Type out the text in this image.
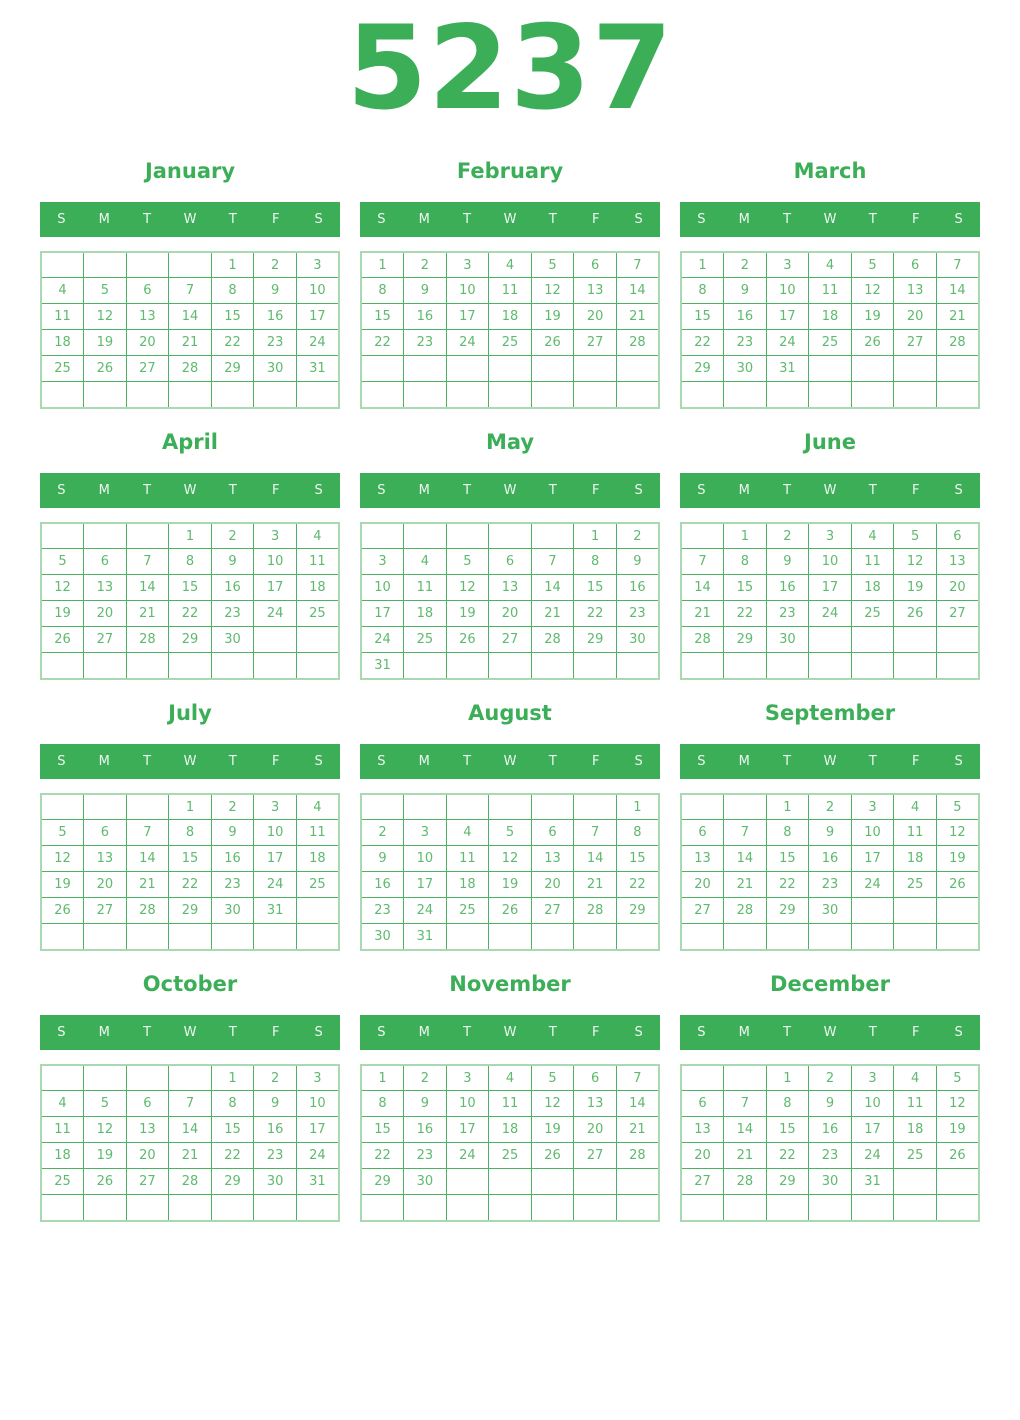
5237
January
S	M	T	W	T	F	S
				1	2	3
4	5	6	7	8	9	10
11	12	13	14	15	16	17
18	19	20	21	22	23	24
25	26	27	28	29	30	31

February
S	M	T	W	T	F	S
1	2	3	4	5	6	7
8	9	10	11	12	13	14
15	16	17	18	19	20	21
22	23	24	25	26	27	28

March
S	M	T	W	T	F	S
1	2	3	4	5	6	7
8	9	10	11	12	13	14
15	16	17	18	19	20	21
22	23	24	25	26	27	28
29	30	31				

April
S	M	T	W	T	F	S
			1	2	3	4
5	6	7	8	9	10	11
12	13	14	15	16	17	18
19	20	21	22	23	24	25
26	27	28	29	30		

May
S	M	T	W	T	F	S
					1	2
3	4	5	6	7	8	9
10	11	12	13	14	15	16
17	18	19	20	21	22	23
24	25	26	27	28	29	30
31						
June
S	M	T	W	T	F	S
	1	2	3	4	5	6
7	8	9	10	11	12	13
14	15	16	17	18	19	20
21	22	23	24	25	26	27
28	29	30				

July
S	M	T	W	T	F	S
			1	2	3	4
5	6	7	8	9	10	11
12	13	14	15	16	17	18
19	20	21	22	23	24	25
26	27	28	29	30	31	

August
S	M	T	W	T	F	S
						1
2	3	4	5	6	7	8
9	10	11	12	13	14	15
16	17	18	19	20	21	22
23	24	25	26	27	28	29
30	31					
September
S	M	T	W	T	F	S
		1	2	3	4	5
6	7	8	9	10	11	12
13	14	15	16	17	18	19
20	21	22	23	24	25	26
27	28	29	30			

October
S	M	T	W	T	F	S
				1	2	3
4	5	6	7	8	9	10
11	12	13	14	15	16	17
18	19	20	21	22	23	24
25	26	27	28	29	30	31

November
S	M	T	W	T	F	S
1	2	3	4	5	6	7
8	9	10	11	12	13	14
15	16	17	18	19	20	21
22	23	24	25	26	27	28
29	30					

December
S	M	T	W	T	F	S
		1	2	3	4	5
6	7	8	9	10	11	12
13	14	15	16	17	18	19
20	21	22	23	24	25	26
27	28	29	30	31		
